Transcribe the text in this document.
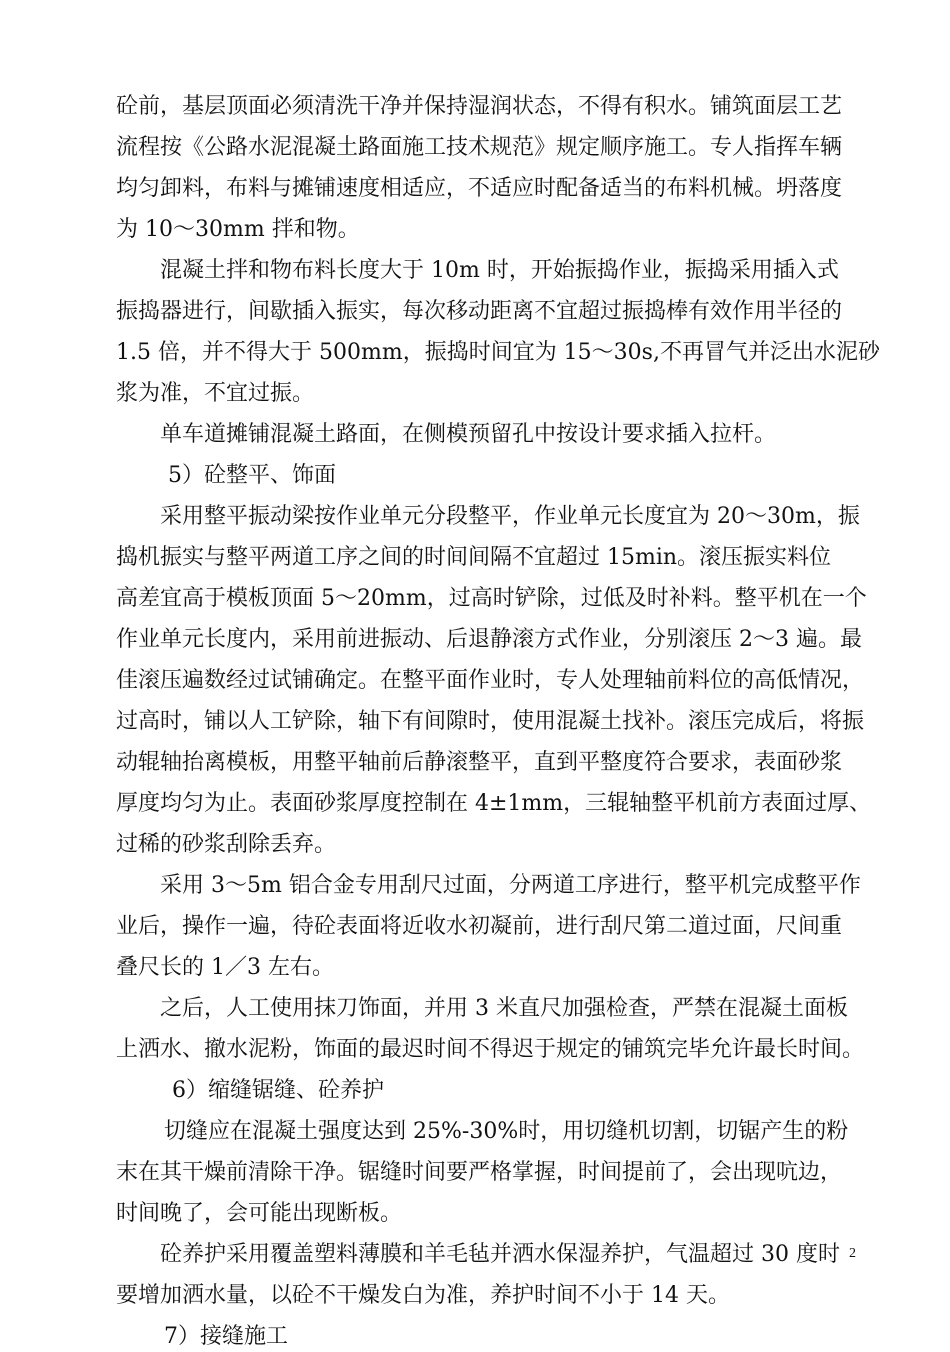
砼前，基层顶面必须清洗干净并保持湿润状态，不得有积水。铺筑面层工艺
流程按《公路水泥混凝土路面施工技术规范》规定顺序施工。专人指挥车辆
均匀卸料，布料与摊铺速度相适应，不适应时配备适当的布料机械。坍落度
为 10～30mm 拌和物。
混凝土拌和物布料长度大于 10m 时，开始振捣作业，振捣采用插入式
振捣器进行，间歇插入振实，每次移动距离不宜超过振捣棒有效作用半径的
1.5 倍，并不得大于 500mm，振捣时间宜为 15～30s,不再冒气并泛出水泥砂
浆为准，不宜过振。
单车道摊铺混凝土路面，在侧模预留孔中按设计要求插入拉杆。
5）砼整平、饰面
采用整平振动梁按作业单元分段整平，作业单元长度宜为 20～30m，振
捣机振实与整平两道工序之间的时间间隔不宜超过 15min。滚压振实料位
高差宜高于模板顶面 5～20mm，过高时铲除，过低及时补料。整平机在一个
作业单元长度内，采用前进振动、后退静滚方式作业，分别滚压 2～3 遍。最
佳滚压遍数经过试铺确定。在整平面作业时，专人处理轴前料位的高低情况，
过高时，铺以人工铲除，轴下有间隙时，使用混凝土找补。滚压完成后，将振
动辊轴抬离模板，用整平轴前后静滚整平，直到平整度符合要求，表面砂浆
厚度均匀为止。表面砂浆厚度控制在 4±1mm，三辊轴整平机前方表面过厚、
过稀的砂浆刮除丢弃。
采用 3～5m 铝合金专用刮尺过面，分两道工序进行，整平机完成整平作
业后，操作一遍，待砼表面将近收水初凝前，进行刮尺第二道过面，尺间重
叠尺长的 1／3 左右。
之后，人工使用抹刀饰面，并用 3 米直尺加强检查，严禁在混凝土面板
上洒水、撤水泥粉，饰面的最迟时间不得迟于规定的铺筑完毕允许最长时间。
6）缩缝锯缝、砼养护
切缝应在混凝土强度达到 25%-30%时，用切缝机切割，切锯产生的粉
末在其干燥前清除干净。锯缝时间要严格掌握，时间提前了，会出现吭边，
时间晚了，会可能出现断板。
砼养护采用覆盖塑料薄膜和羊毛毡并洒水保湿养护，气温超过 30 度时
要增加洒水量，以砼不干燥发白为准，养护时间不小于 14 天。
7）接缝施工
2
